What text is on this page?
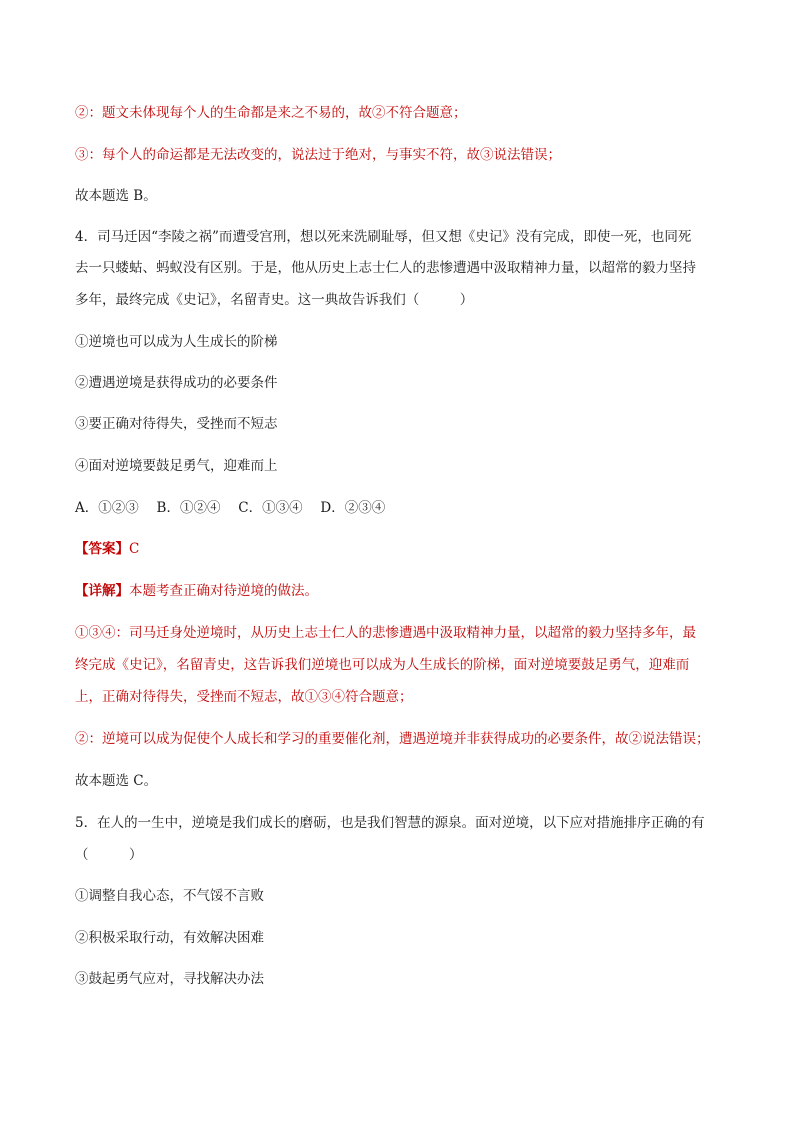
②：题文未体现每个人的生命都是来之不易的，故②不符合题意；
③：每个人的命运都是无法改变的，说法过于绝对，与事实不符，故③说法错误；
故本题选 B。
4．司马迁因“李陵之祸”而遭受宫刑，想以死来洗刷耻辱，但又想《史记》没有完成，即使一死，也同死
去一只蝼蛄、蚂蚁没有区别。于是，他从历史上志士仁人的悲惨遭遇中汲取精神力量，以超常的毅力坚持
多年，最终完成《史记》，名留青史。这一典故告诉我们（　　　）
①逆境也可以成为人生成长的阶梯
②遭遇逆境是获得成功的必要条件
③要正确对待得失，受挫而不短志
④面对逆境要鼓足勇气，迎难而上
A．①②③　 B．①②④　 C．①③④　 D．②③④
【答案】C
【详解】本题考查正确对待逆境的做法。
①③④：司马迁身处逆境时，从历史上志士仁人的悲惨遭遇中汲取精神力量，以超常的毅力坚持多年，最
终完成《史记》，名留青史，这告诉我们逆境也可以成为人生成长的阶梯，面对逆境要鼓足勇气，迎难而
上，正确对待得失，受挫而不短志，故①③④符合题意；
②：逆境可以成为促使个人成长和学习的重要催化剂，遭遇逆境并非获得成功的必要条件，故②说法错误；
故本题选 C。
5．在人的一生中，逆境是我们成长的磨砺，也是我们智慧的源泉。面对逆境，以下应对措施排序正确的有
（　　　）
①调整自我心态，不气馁不言败
②积极采取行动，有效解决困难
③鼓起勇气应对，寻找解决办法
